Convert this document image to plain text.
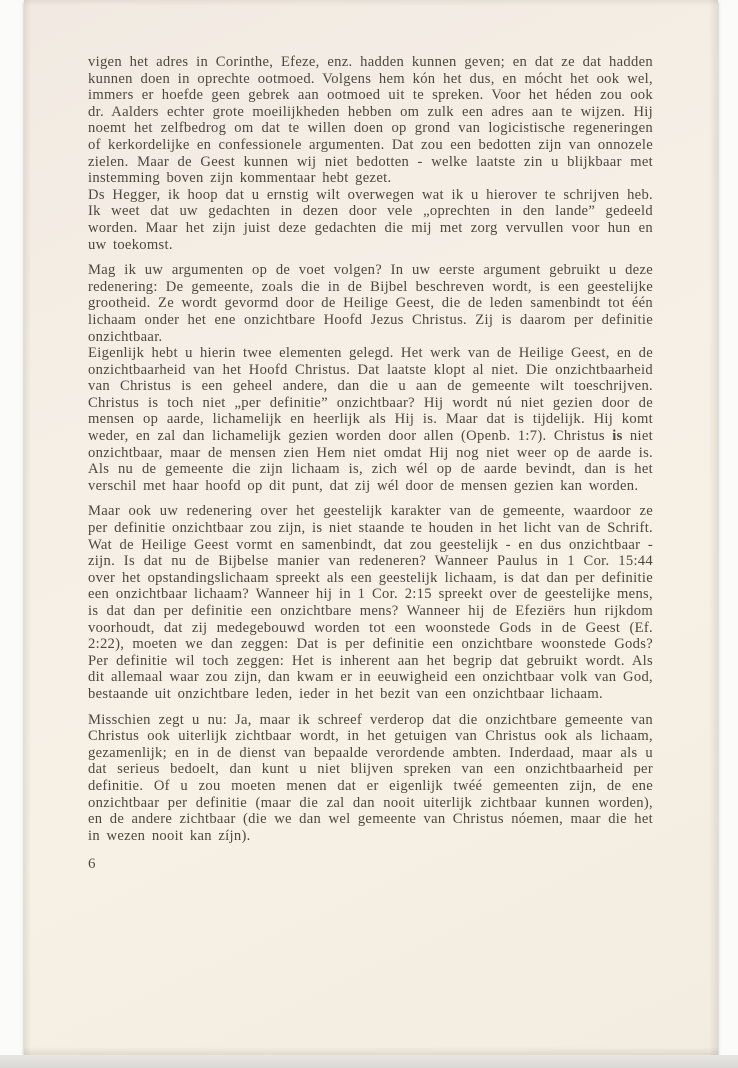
vigen het adres in Corinthe, Efeze, enz. hadden kunnen geven; en dat ze dat hadden kunnen doen in oprechte ootmoed. Volgens hem kón het dus, en mócht het ook wel, immers er hoefde geen gebrek aan ootmoed uit te spreken. Voor het héden zou ook dr. Aalders echter grote moeilijkheden hebben om zulk een adres aan te wijzen. Hij noemt het zelfbedrog om dat te willen doen op grond van logicistische regeneringen of kerkordelijke en confessionele argumenten. Dat zou een bedotten zijn van onnozele zielen. Maar de Geest kunnen wij niet bedotten - welke laatste zin u blijkbaar met instemming boven zijn kommentaar hebt gezet.

Ds Hegger, ik hoop dat u ernstig wilt overwegen wat ik u hierover te schrijven heb. Ik weet dat uw gedachten in dezen door vele „oprechten in den lande” gedeeld worden. Maar het zijn juist deze gedachten die mij met zorg vervullen voor hun en uw toekomst.

Mag ik uw argumenten op de voet volgen? In uw eerste argument gebruikt u deze redenering: De gemeente, zoals die in de Bijbel beschreven wordt, is een geestelijke grootheid. Ze wordt gevormd door de Heilige Geest, die de leden samenbindt tot één lichaam onder het ene onzichtbare Hoofd Jezus Christus. Zij is daarom per definitie onzichtbaar.

Eigenlijk hebt u hierin twee elementen gelegd. Het werk van de Heilige Geest, en de onzichtbaarheid van het Hoofd Christus. Dat laatste klopt al niet. Die onzichtbaarheid van Christus is een geheel andere, dan die u aan de gemeente wilt toeschrijven. Christus is toch niet „per definitie” onzichtbaar? Hij wordt nú niet gezien door de mensen op aarde, lichamelijk en heerlijk als Hij is. Maar dat is tijdelijk. Hij komt weder, en zal dan lichamelijk gezien worden door allen (Openb. 1:7). Christus is niet onzichtbaar, maar de mensen zien Hem niet omdat Hij nog niet weer op de aarde is. Als nu de gemeente die zijn lichaam is, zich wél op de aarde bevindt, dan is het verschil met haar hoofd op dit punt, dat zij wél door de mensen gezien kan worden.

Maar ook uw redenering over het geestelijk karakter van de gemeente, waardoor ze per definitie onzichtbaar zou zijn, is niet staande te houden in het licht van de Schrift. Wat de Heilige Geest vormt en samenbindt, dat zou geestelijk - en dus onzichtbaar - zijn. Is dat nu de Bijbelse manier van redeneren? Wanneer Paulus in 1 Cor. 15:44 over het opstandingslichaam spreekt als een geestelijk lichaam, is dat dan per definitie een onzichtbaar lichaam? Wanneer hij in 1 Cor. 2:15 spreekt over de geestelijke mens, is dat dan per definitie een onzichtbare mens? Wanneer hij de Efeziërs hun rijkdom voorhoudt, dat zij medegebouwd worden tot een woonstede Gods in de Geest (Ef. 2:22), moeten we dan zeggen: Dat is per definitie een onzichtbare woonstede Gods? Per definitie wil toch zeggen: Het is inherent aan het begrip dat gebruikt wordt. Als dit allemaal waar zou zijn, dan kwam er in eeuwigheid een onzichtbaar volk van God, bestaande uit onzichtbare leden, ieder in het bezit van een onzichtbaar lichaam.

Misschien zegt u nu: Ja, maar ik schreef verderop dat die onzichtbare gemeente van Christus ook uiterlijk zichtbaar wordt, in het getuigen van Christus ook als lichaam, gezamenlijk; en in de dienst van bepaalde verordende ambten. Inderdaad, maar als u dat serieus bedoelt, dan kunt u niet blijven spreken van een onzichtbaarheid per definitie. Of u zou moeten menen dat er eigenlijk twéé gemeenten zijn, de ene onzichtbaar per definitie (maar die zal dan nooit uiterlijk zichtbaar kunnen worden), en de andere zichtbaar (die we dan wel gemeente van Christus nóemen, maar die het in wezen nooit kan zíjn).

6
